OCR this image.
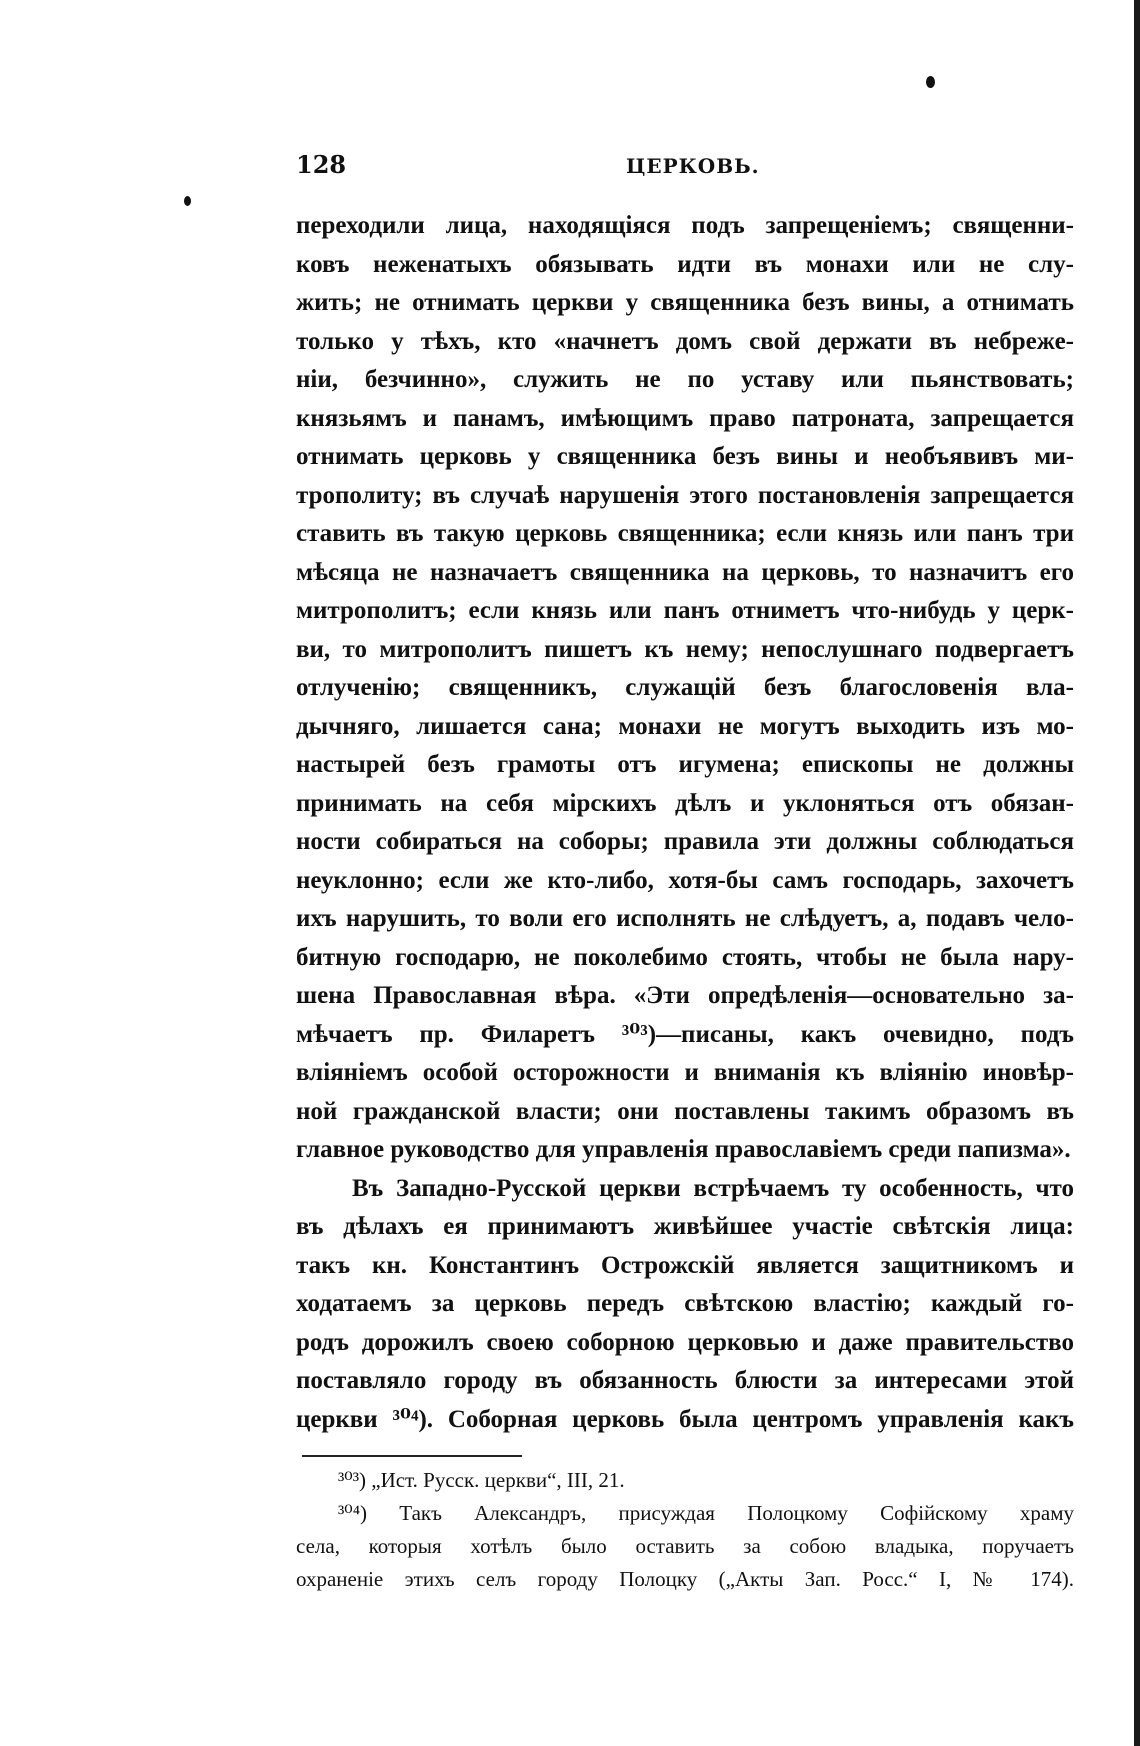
128	ЦЕРКОВЬ.
переходили лица, находящіяся подъ запрещеніемъ; священни-
ковъ неженатыхъ обязывать идти въ монахи или не слу-
жить; не отнимать церкви у священника безъ вины, а отнимать
только у тѣхъ, кто «начнетъ домъ свой держати въ небреже-
ніи, безчинно», служить не по уставу или пьянствовать;
князьямъ и панамъ, имѣющимъ право патроната, запрещается
отнимать церковь у священника безъ вины и необъявивъ ми-
трополиту; въ случаѣ нарушенія этого постановленія запрещается
ставить въ такую церковь священника; если князь или панъ три
мѣсяца не назначаетъ священника на церковь, то назначитъ его
митрополитъ; если князь или панъ отниметъ что-нибудь у церк-
ви, то митрополитъ пишетъ къ нему; непослушнаго подвергаетъ
отлученію; священникъ, служащій безъ благословенія вла-
дычняго, лишается сана; монахи не могутъ выходить изъ мо-
настырей безъ грамоты отъ игумена; епископы не должны
принимать на себя мірскихъ дѣлъ и уклоняться отъ обязан-
ности собираться на соборы; правила эти должны соблюдаться
неуклонно; если же кто-либо, хотя-бы самъ господарь, захочетъ
ихъ нарушить, то воли его исполнять не слѣдуетъ, а, подавъ чело-
битную господарю, не поколебимо стоять, чтобы не была нару-
шена Православная вѣра. «Эти опредѣленія—основательно за-
мѣчаетъ пр. Филаретъ ³⁰³)—писаны, какъ очевидно, подъ
вліяніемъ особой осторожности и вниманія къ вліянію иновѣр-
ной гражданской власти; они поставлены такимъ образомъ въ
главное руководство для управленія православіемъ среди папизма».
Въ Западно-Русской церкви встрѣчаемъ ту особенность, что
въ дѣлахъ ея принимаютъ живѣйшее участіе свѣтскія лица:
такъ кн. Константинъ Острожскій является защитникомъ и
ходатаемъ за церковь передъ свѣтскою властію; каждый го-
родъ дорожилъ своею соборною церковью и даже правительство
поставляло городу въ обязанность блюсти за интересами этой
церкви ³⁰⁴). Соборная церковь была центромъ управленія какъ
³⁰³) „Ист. Русск. церкви“, III, 21.
³⁰⁴) Такъ Александръ, присуждая Полоцкому Софійскому храму
села, которыя хотѣлъ было оставить за собою владыка, поручаетъ
охраненіе этихъ селъ городу Полоцку („Акты Зап. Росс.“ I, № 174).
